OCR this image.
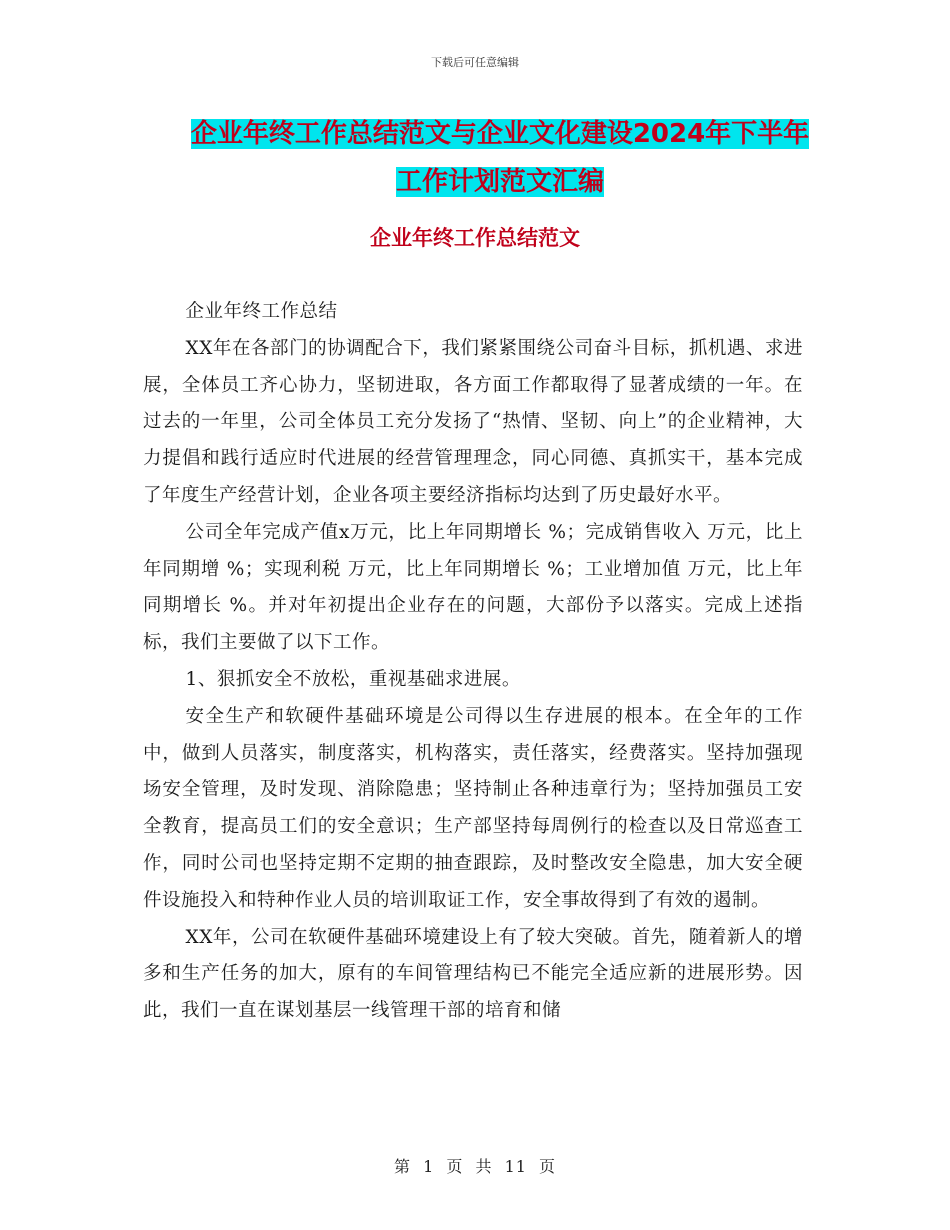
下载后可任意编辑
企业年终工作总结范文与企业文化建设2024年下半年
工作计划范文汇编
企业年终工作总结范文

企业年终工作总结

XX年在各部门的协调配合下，我们紧紧围绕公司奋斗目标，抓机遇、求进展，全体员工齐心协力，坚韧进取，各方面工作都取得了显著成绩的一年。在过去的一年里，公司全体员工充分发扬了“热情、坚韧、向上”的企业精神，大力提倡和践行适应时代进展的经营管理理念，同心同德、真抓实干，基本完成了年度生产经营计划，企业各项主要经济指标均达到了历史最好水平。

公司全年完成产值x万元，比上年同期增长 %；完成销售收入 万元，比上年同期增 %；实现利税 万元，比上年同期增长 %；工业增加值 万元，比上年同期增长 %。并对年初提出企业存在的问题，大部份予以落实。完成上述指标，我们主要做了以下工作。

1、狠抓安全不放松，重视基础求进展。

安全生产和软硬件基础环境是公司得以生存进展的根本。在全年的工作中，做到人员落实，制度落实，机构落实，责任落实，经费落实。坚持加强现场安全管理，及时发现、消除隐患；坚持制止各种违章行为；坚持加强员工安全教育，提高员工们的安全意识；生产部坚持每周例行的检查以及日常巡查工作，同时公司也坚持定期不定期的抽查跟踪，及时整改安全隐患，加大安全硬件设施投入和特种作业人员的培训取证工作，安全事故得到了有效的遏制。

XX年，公司在软硬件基础环境建设上有了较大突破。首先，随着新人的增多和生产任务的加大，原有的车间管理结构已不能完全适应新的进展形势。因此，我们一直在谋划基层一线管理干部的培育和储

第 1 页 共 11 页
